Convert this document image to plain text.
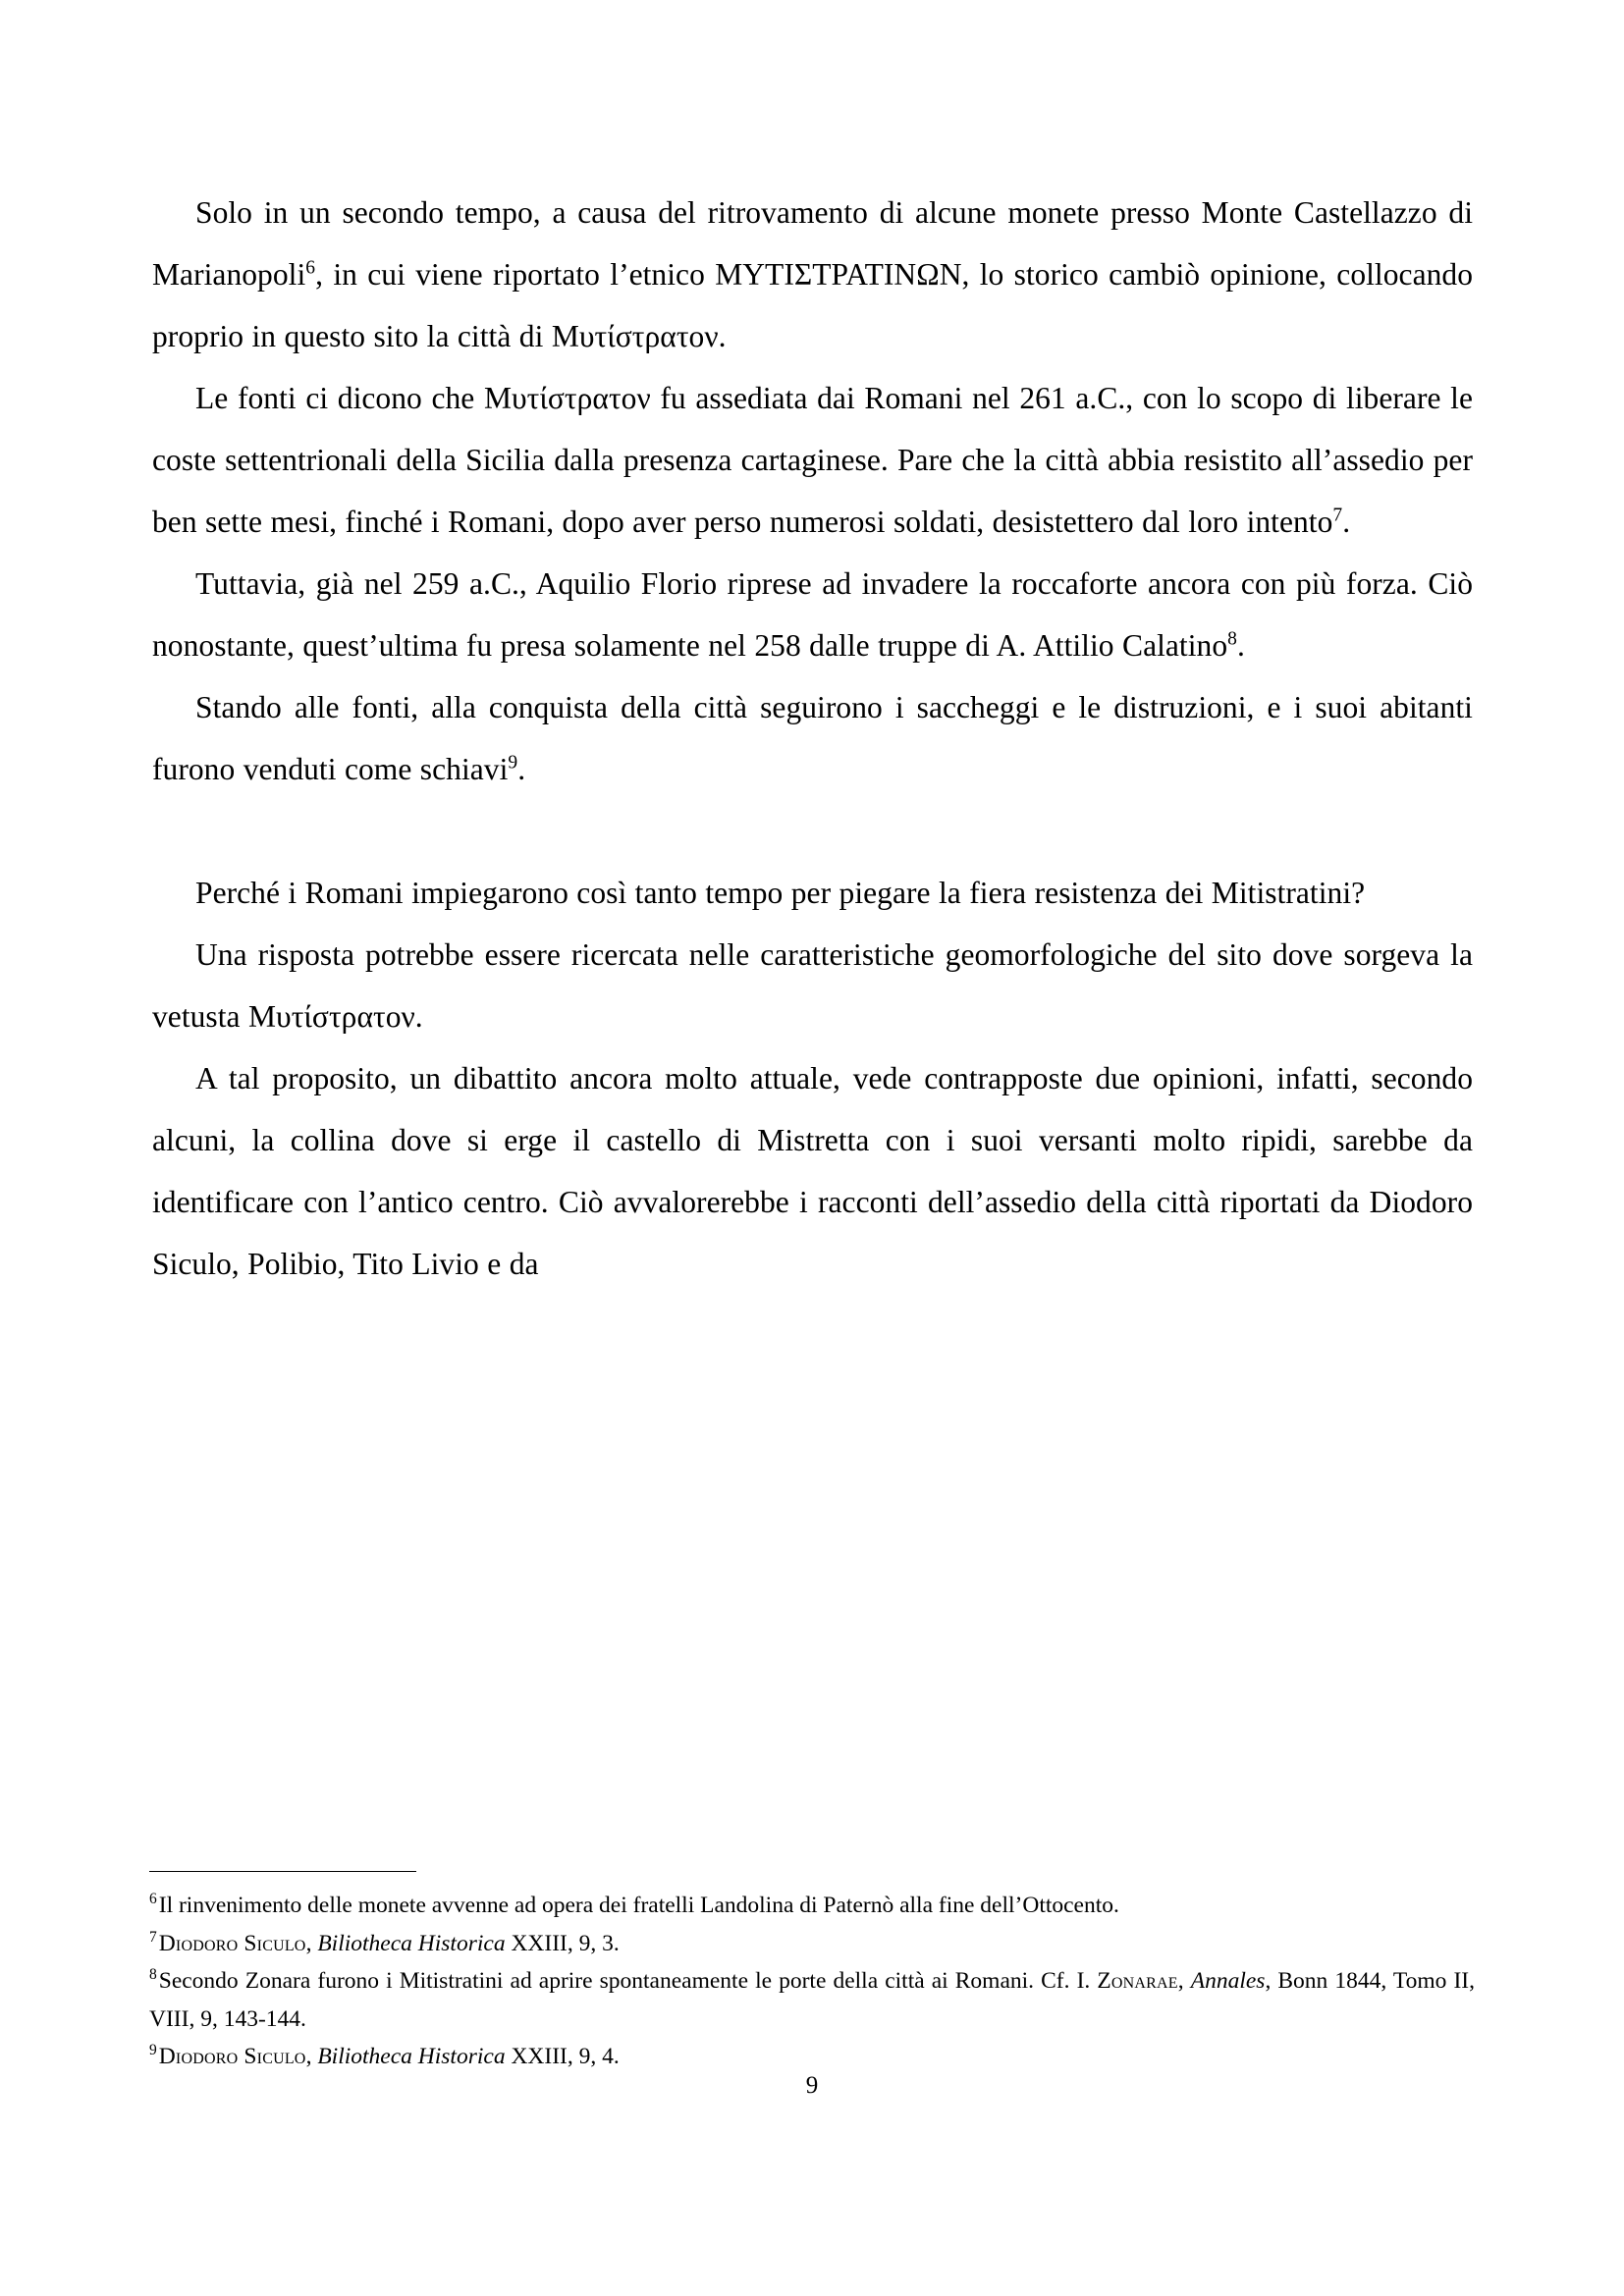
Solo in un secondo tempo, a causa del ritrovamento di alcune monete presso Monte Castellazzo di Marianopoli$^6$, in cui viene riportato l’etnico ΜΥΤΙΣΤΡΑΤΙΝΩΝ, lo storico cambiò opinione, collocando proprio in questo sito la città di Μυτίστρατον.

Le fonti ci dicono che Μυτίστρατον fu assediata dai Romani nel 261 a.C., con lo scopo di liberare le coste settentrionali della Sicilia dalla presenza cartaginese. Pare che la città abbia resistito all’assedio per ben sette mesi, finché i Romani, dopo aver perso numerosi soldati, desistettero dal loro intento$^7$.

Tuttavia, già nel 259 a.C., Aquilio Florio riprese ad invadere la roccaforte ancora con più forza. Ciò nonostante, quest’ultima fu presa solamente nel 258 dalle truppe di A. Attilio Calatino$^8$.

Stando alle fonti, alla conquista della città seguirono i saccheggi e le distruzioni, e i suoi abitanti furono venduti come schiavi$^9$.

Perché i Romani impiegarono così tanto tempo per piegare la fiera resistenza dei Mitistratini?

Una risposta potrebbe essere ricercata nelle caratteristiche geomorfologiche del sito dove sorgeva la vetusta Μυτίστρατον.

A tal proposito, un dibattito ancora molto attuale, vede contrapposte due opinioni, infatti, secondo alcuni, la collina dove si erge il castello di Mistretta con i suoi versanti molto ripidi, sarebbe da identificare con l’antico centro. Ciò avvalorerebbe i racconti dell’assedio della città riportati da Diodoro Siculo, Polibio, Tito Livio e da

$^6$Il rinvenimento delle monete avvenne ad opera dei fratelli Landolina di Paternò alla fine dell’Ottocento.

$^7$Diodoro Siculo, Biliotheca Historica XXIII, 9, 3.

$^8$Secondo Zonara furono i Mitistratini ad aprire spontaneamente le porte della città ai Romani. Cf. I. Zonarae, Annales, Bonn 1844, Tomo II, VIII, 9, 143-144.

$^9$Diodoro Siculo, Biliotheca Historica XXIII, 9, 4.

9
